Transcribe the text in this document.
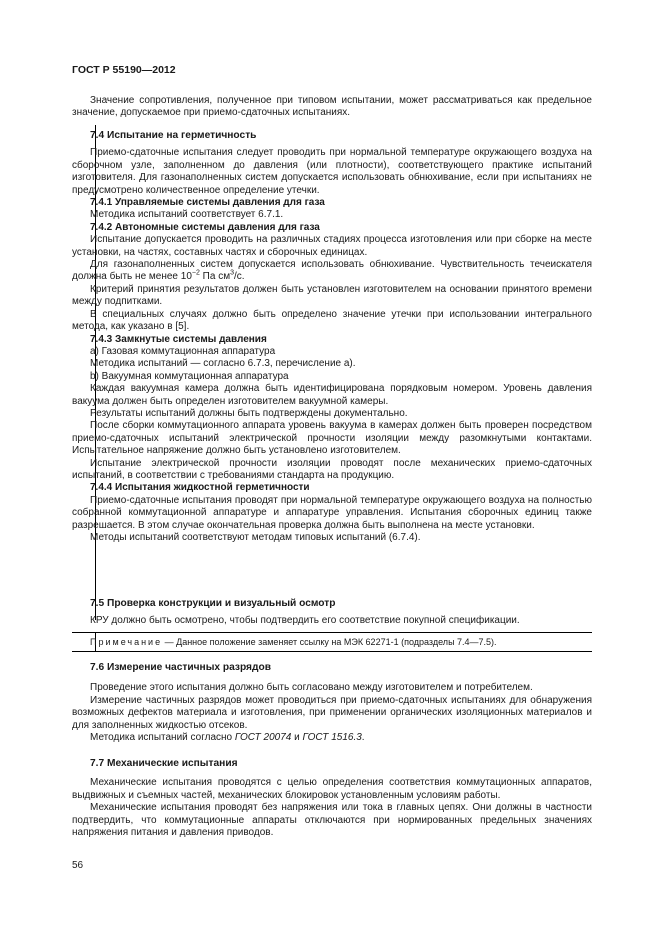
ГОСТ Р 55190—2012

Значение сопротивления, полученное при типовом испытании, может рассматриваться как предельное значение, допускаемое при приемо-сдаточных испытаниях.

7.4 Испытание на герметичность

Приемо-сдаточные испытания следует проводить при нормальной температуре окружающего воздуха на сборочном узле, заполненном до давления (или плотности), соответствующего практике испытаний изготовителя. Для газонаполненных систем допускается использовать обнюхивание, если при испытаниях не предусмотрено количественное определение утечки.

7.4.1 Управляемые системы давления для газа

Методика испытаний соответствует 6.7.1.

7.4.2 Автономные системы давления для газа

Испытание допускается проводить на различных стадиях процесса изготовления или при сборке на месте установки, на частях, составных частях и сборочных единицах.

Для газонаполненных систем допускается использовать обнюхивание. Чувствительность течеискателя должна быть не менее $10^{-2}$ Па $см^3/с$.

Критерий принятия результатов должен быть установлен изготовителем на основании принятого времени между подпитками.

В специальных случаях должно быть определено значение утечки при использовании интегрального метода, как указано в [5].

7.4.3 Замкнутые системы давления

a) Газовая коммутационная аппаратура

Методика испытаний — согласно 6.7.3, перечисление а).

b) Вакуумная коммутационная аппаратура

Каждая вакуумная камера должна быть идентифицирована порядковым номером. Уровень давления вакуума должен быть определен изготовителем вакуумной камеры.

Результаты испытаний должны быть подтверждены документально.

После сборки коммутационного аппарата уровень вакуума в камерах должен быть проверен посредством приемо-сдаточных испытаний электрической прочности изоляции между разомкнутыми контактами. Испытательное напряжение должно быть установлено изготовителем.

Испытание электрической прочности изоляции проводят после механических приемо-сдаточных испытаний, в соответствии с требованиями стандарта на продукцию.

7.4.4 Испытания жидкостной герметичности

Приемо-сдаточные испытания проводят при нормальной температуре окружающего воздуха на полностью собранной коммутационной аппаратуре и аппаратуре управления. Испытания сборочных единиц также разрешается. В этом случае окончательная проверка должна быть выполнена на месте установки.

Методы испытаний соответствуют методам типовых испытаний (6.7.4).

7.5 Проверка конструкции и визуальный осмотр

КРУ должно быть осмотрено, чтобы подтвердить его соответствие покупной спецификации.

Примечание — Данное положение заменяет ссылку на МЭК 62271-1 (подразделы 7.4—7.5).

7.6 Измерение частичных разрядов

Проведение этого испытания должно быть согласовано между изготовителем и потребителем.

Измерение частичных разрядов может проводиться при приемо-сдаточных испытаниях для обнаружения возможных дефектов материала и изготовления, при применении органических изоляционных материалов и для заполненных жидкостью отсеков.

Методика испытаний согласно ГОСТ 20074 и ГОСТ 1516.3.

7.7 Механические испытания

Механические испытания проводятся с целью определения соответствия коммутационных аппаратов, выдвижных и съемных частей, механических блокировок установленным условиям работы.

Механические испытания проводят без напряжения или тока в главных цепях. Они должны в частности подтвердить, что коммутационные аппараты отключаются при нормированных предельных значениях напряжения питания и давления приводов.

56
